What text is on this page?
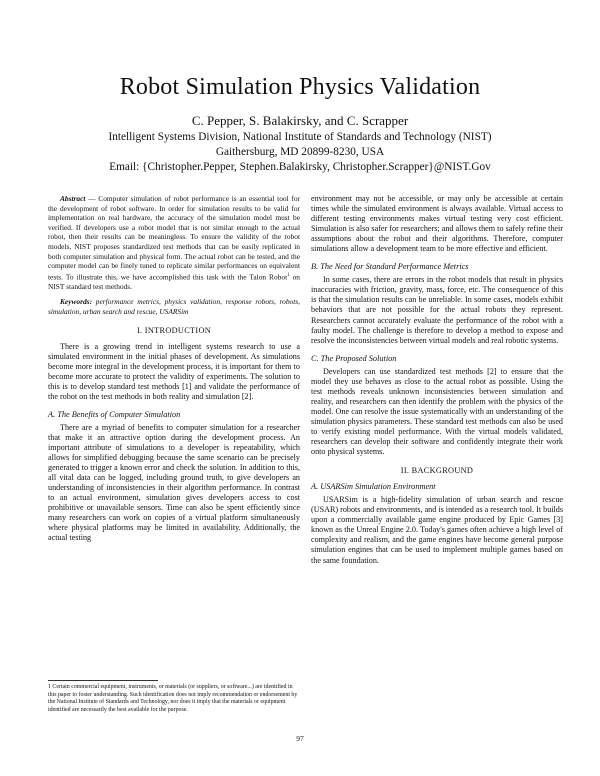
Robot Simulation Physics Validation
C. Pepper, S. Balakirsky, and C. Scrapper
Intelligent Systems Division, National Institute of Standards and Technology (NIST)
Gaithersburg, MD 20899-8230, USA
Email: {Christopher.Pepper, Stephen.Balakirsky, Christopher.Scrapper}@NIST.Gov

Abstract — Computer simulation of robot performance is an essential tool for the development of robot software. In order for simulation results to be valid for implementation on real hardware, the accuracy of the simulation model must be verified. If developers use a robot model that is not similar enough to the actual robot, then their results can be meaningless. To ensure the validity of the robot models, NIST proposes standardized test methods that can be easily replicated in both computer simulation and physical form. The actual robot can be tested, and the computer model can be finely tuned to replicate similar performances on equivalent tests. To illustrate this, we have accomplished this task with the Talon Robot$^1$ on NIST standard test methods.

Keywords: performance metrics, physics validation, response robots, robots, simulation, urban search and rescue, USARSim

I. INTRODUCTION

There is a growing trend in intelligent systems research to use a simulated environment in the initial phases of development. As simulations become more integral in the development process, it is important for them to become more accurate to protect the validity of experiments. The solution to this is to develop standard test methods [1] and validate the performance of the robot on the test methods in both reality and simulation [2].

A. The Benefits of Computer Simulation

There are a myriad of benefits to computer simulation for a researcher that make it an attractive option during the development process. An important attribute of simulations to a developer is repeatability, which allows for simplified debugging because the same scenario can be precisely generated to trigger a known error and check the solution. In addition to this, all vital data can be logged, including ground truth, to give developers an understanding of inconsistencies in their algorithm performance. In contrast to an actual environment, simulation gives developers access to cost prohibitive or unavailable sensors. Time can also be spent efficiently since many researchers can work on copies of a virtual platform simultaneously where physical platforms may be limited in availability. Additionally, the actual testing

environment may not be accessible, or may only be accessible at certain times while the simulated environment is always available. Virtual access to different testing environments makes virtual testing very cost efficient. Simulation is also safer for researchers; and allows them to safely refine their assumptions about the robot and their algorithms. Therefore, computer simulations allow a development team to be more effective and efficient.

B. The Need for Standard Performance Metrics

In some cases, there are errors in the robot models that result in physics inaccuracies with friction, gravity, mass, force, etc. The consequence of this is that the simulation results can be unreliable. In some cases, models exhibit behaviors that are not possible for the actual robots they represent. Researchers cannot accurately evaluate the performance of the robot with a faulty model. The challenge is therefore to develop a method to expose and resolve the inconsistencies between virtual models and real robotic systems.

C. The Proposed Solution

Developers can use standardized test methods [2] to ensure that the model they use behaves as close to the actual robot as possible. Using the test methods reveals unknown inconsistencies between simulation and reality, and researchers can then identify the problem with the physics of the model. One can resolve the issue systematically with an understanding of the simulation physics parameters. These standard test methods can also be used to verify existing model performance. With the virtual models validated, researchers can develop their software and confidently integrate their work onto physical systems.

II. BACKGROUND
A. USARSim Simulation Environment

USARSim is a high-fidelity simulation of urban search and rescue (USAR) robots and environments, and is intended as a research tool. It builds upon a commercially available game engine produced by Epic Games [3] known as the Unreal Engine 2.0. Today's games often achieve a high level of complexity and realism, and the game engines have become general purpose simulation engines that can be used to implement multiple games based on the same foundation.

1 Certain commercial equipment, instruments, or materials (or suppliers, or software...) are identified in this paper to foster understanding. Such identification does not imply recommendation or endorsement by the National Institute of Standards and Technology, nor does it imply that the materials or equipment identified are necessarily the best available for the purpose.
97
